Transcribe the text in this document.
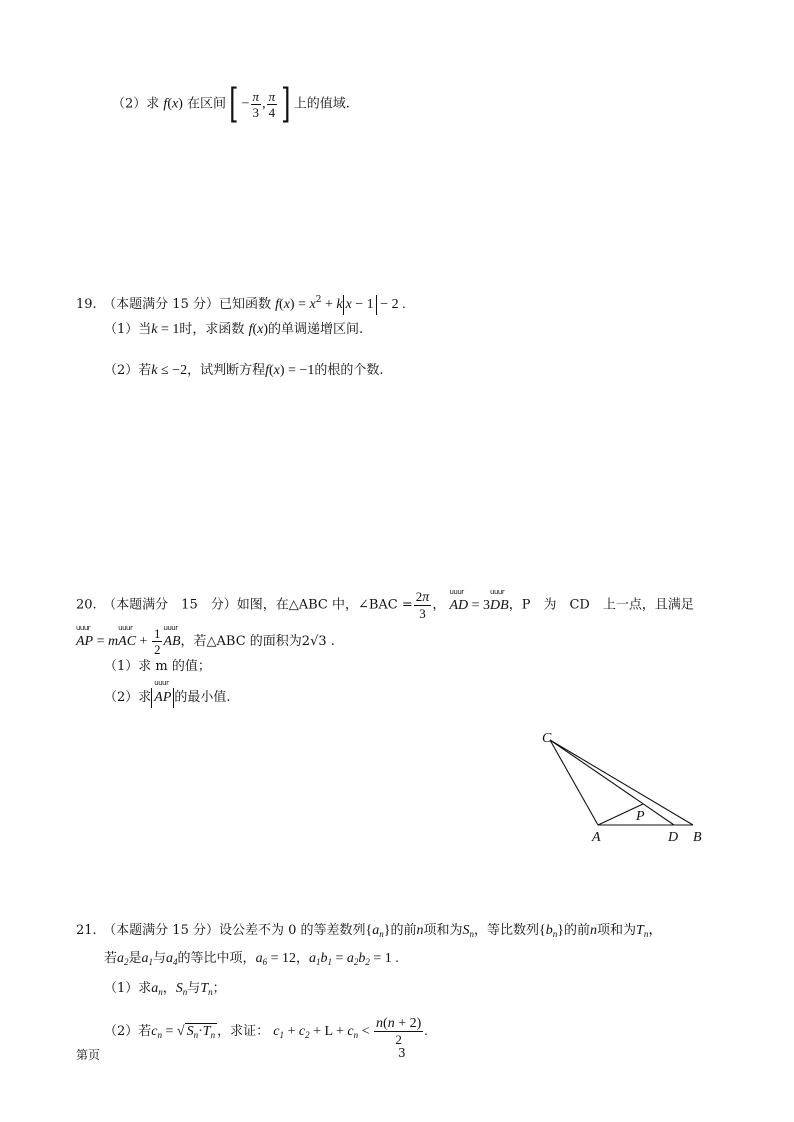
（2）求 f(x) 在区间[ − $\frac{\pi}{3}$ , $\frac{\pi}{4}$ ] 上的值域.
19.　（本题满分 15 分）已知函数 $f(x) = x^2 + k$ x − 1 − 2 .
（1）当k = 1时，求函数 f(x)的单调递增区间.
（2）若k ≤ −2，试判断方程f(x) = −1的根的个数.
20.　（本题满分　15　分）如图，在△ABC 中，∠BAC = $\frac{2\pi}{3}$ ，
uuur
AD = 3
uuur
DB，P　为　CD　上一点，且满足
uuur
AP = m
uuur
AC + $\frac{1}{2}$ uuur
AB，若△ABC 的面积为2√3 .
（1）求 m 的值；
（2）求
uuur
AP 的最小值.
C
P
A	D B
21.　（本题满分 15 分）设公差不为 0 的等差数列$\{a_n\}$的前n项和为$S_n$，等比数列$\{b_n\}$的前n项和为$T_n$，
若$a_2$是$a_1$与$a_4$的等比中项，$a_6 = 12$，$a_1b_1 = a_2b_2 = 1$ .
（1）求$a_n$，$S_n$与$T_n$；
（2）若$c_n$ = √ $S_n\cdot T_n$ ，求证： $c_1 + c_2 + L + c_n < \frac{n(n + 2)}{2}$ .
第页	3
